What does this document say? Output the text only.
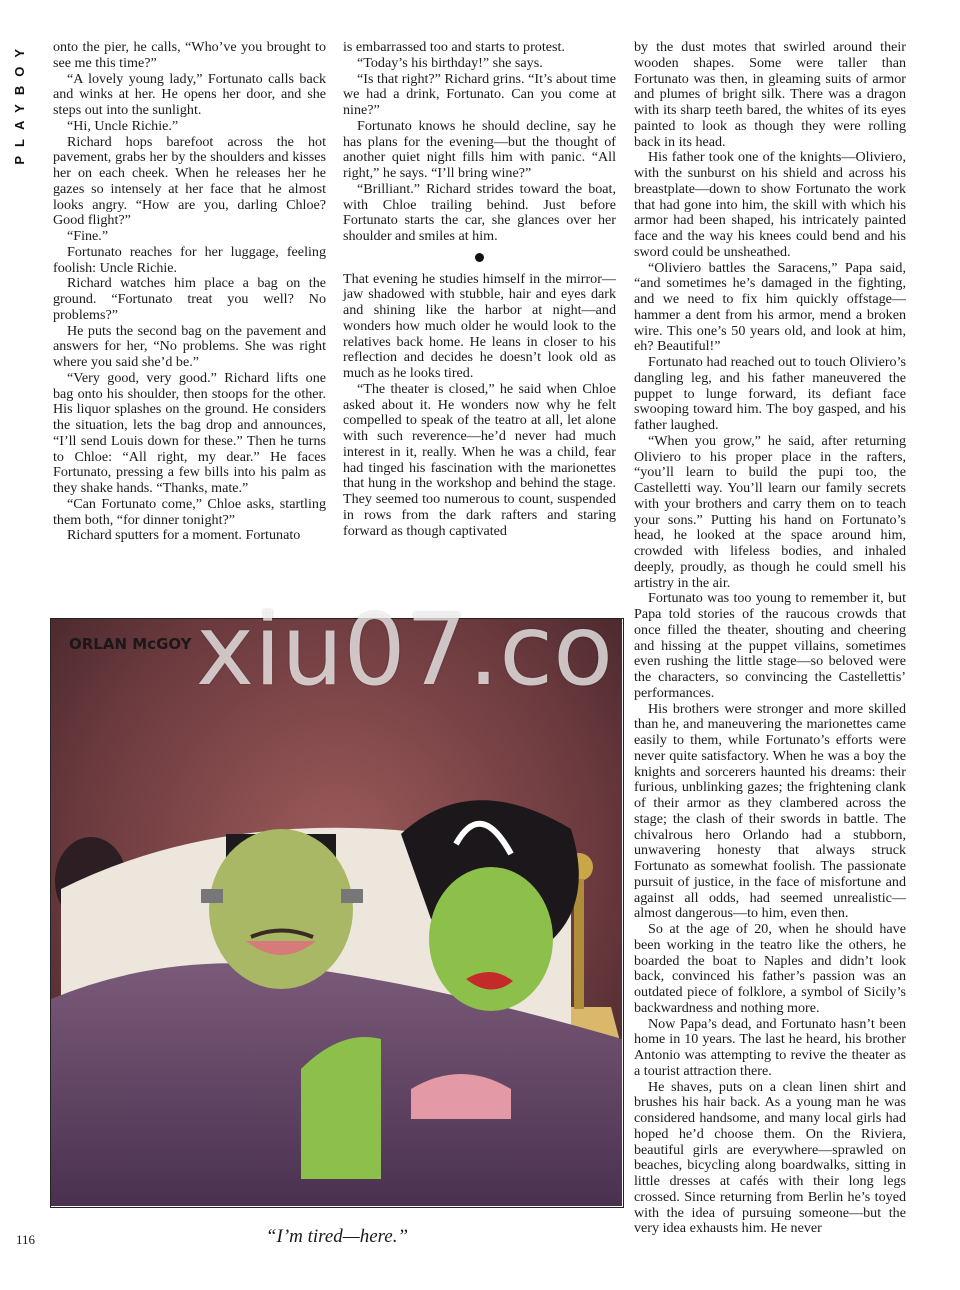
PLAYBOY	onto the pier, he calls, “Who’ve you brought to see me this time?”

“A lovely young lady,” Fortunato calls back and winks at her. He opens her door, and she steps out into the sunlight.

“Hi, Uncle Richie.”

Richard hops barefoot across the hot pavement, grabs her by the shoulders and kisses her on each cheek. When he releases her he gazes so intensely at her face that he almost looks angry. “How are you, darling Chloe? Good flight?”

“Fine.”

Fortunato reaches for her luggage, feeling foolish: Uncle Richie.

Richard watches him place a bag on the ground. “Fortunato treat you well? No problems?”

He puts the second bag on the pavement and answers for her, “No problems. She was right where you said she’d be.”

“Very good, very good.” Richard lifts one bag onto his shoulder, then stoops for the other. His liquor splashes on the ground. He considers the situation, lets the bag drop and announces, “I’ll send Louis down for these.” Then he turns to Chloe: “All right, my dear.” He faces Fortunato, pressing a few bills into his palm as they shake hands. “Thanks, mate.”

“Can Fortunato come,” Chloe asks, startling them both, “for dinner tonight?”

Richard sputters for a moment. Fortunato

is embarrassed too and starts to protest.

“Today’s his birthday!” she says.

“Is that right?” Richard grins. “It’s about time we had a drink, Fortunato. Can you come at nine?”

Fortunato knows he should decline, say he has plans for the evening—but the thought of another quiet night fills him with panic. “All right,” he says. “I’ll bring wine?”

“Brilliant.” Richard strides toward the boat, with Chloe trailing behind. Just before Fortunato starts the car, she glances over her shoulder and smiles at him.

That evening he studies himself in the mirror—jaw shadowed with stubble, hair and eyes dark and shining like the harbor at night—and wonders how much older he would look to the relatives back home. He leans in closer to his reflection and decides he doesn’t look old as much as he looks tired.

“The theater is closed,” he said when Chloe asked about it. He wonders now why he felt compelled to speak of the teatro at all, let alone with such reverence—he’d never had much interest in it, really. When he was a child, fear had tinged his fascination with the marionettes that hung in the workshop and behind the stage. They seemed too numerous to count, suspended in rows from the dark rafters and staring forward as though captivated

by the dust motes that swirled around their wooden shapes. Some were taller than Fortunato was then, in gleaming suits of armor and plumes of bright silk. There was a dragon with its sharp teeth bared, the whites of its eyes painted to look as though they were rolling back in its head.

His father took one of the knights—Oliviero, with the sunburst on his shield and across his breastplate—down to show Fortunato the work that had gone into him, the skill with which his armor had been shaped, his intricately painted face and the way his knees could bend and his sword could be unsheathed.

“Oliviero battles the Saracens,” Papa said, “and sometimes he’s damaged in the fighting, and we need to fix him quickly offstage—hammer a dent from his armor, mend a broken wire. This one’s 50 years old, and look at him, eh? Beautiful!”

Fortunato had reached out to touch Oliviero’s dangling leg, and his father maneuvered the puppet to lunge forward, its defiant face swooping toward him. The boy gasped, and his father laughed.

“When you grow,” he said, after returning Oliviero to his proper place in the rafters, “you’ll learn to build the pupi too, the Castelletti way. You’ll learn our family secrets with your brothers and carry them on to teach your sons.” Putting his hand on Fortunato’s head, he looked at the space around him, crowded with lifeless bodies, and inhaled deeply, proudly, as though he could smell his artistry in the air.

Fortunato was too young to remember it, but Papa told stories of the raucous crowds that once filled the theater, shouting and cheering and hissing at the puppet villains, sometimes even rushing the little stage—so beloved were the characters, so convincing the Castellettis’ performances.

His brothers were stronger and more skilled than he, and maneuvering the marionettes came easily to them, while Fortunato’s efforts were never quite satisfactory. When he was a boy the knights and sorcerers haunted his dreams: their furious, unblinking gazes; the frightening clank of their armor as they clambered across the stage; the clash of their swords in battle. The chivalrous hero Orlando had a stubborn, unwavering honesty that always struck Fortunato as somewhat foolish. The passionate pursuit of justice, in the face of misfortune and against all odds, had seemed unrealistic—almost dangerous—to him, even then.

So at the age of 20, when he should have been working in the teatro like the others, he boarded the boat to Naples and didn’t look back, convinced his father’s passion was an outdated piece of folklore, a symbol of Sicily’s backwardness and nothing more.

Now Papa’s dead, and Fortunato hasn’t been home in 10 years. The last he heard, his brother Antonio was attempting to revive the theater as a tourist attraction there.

He shaves, puts on a clean linen shirt and brushes his hair back. As a young man he was considered handsome, and many local girls had hoped he’d choose them. On the Riviera, beautiful girls are everywhere—sprawled on beaches, bicycling along boardwalks, sitting in little dresses at cafés with their long legs crossed. Since returning from Berlin he’s toyed with the idea of pursuing someone—but the very idea exhausts him. He never

ORLAN McGOY xiu07.co
“I’m tired—here.”
116
